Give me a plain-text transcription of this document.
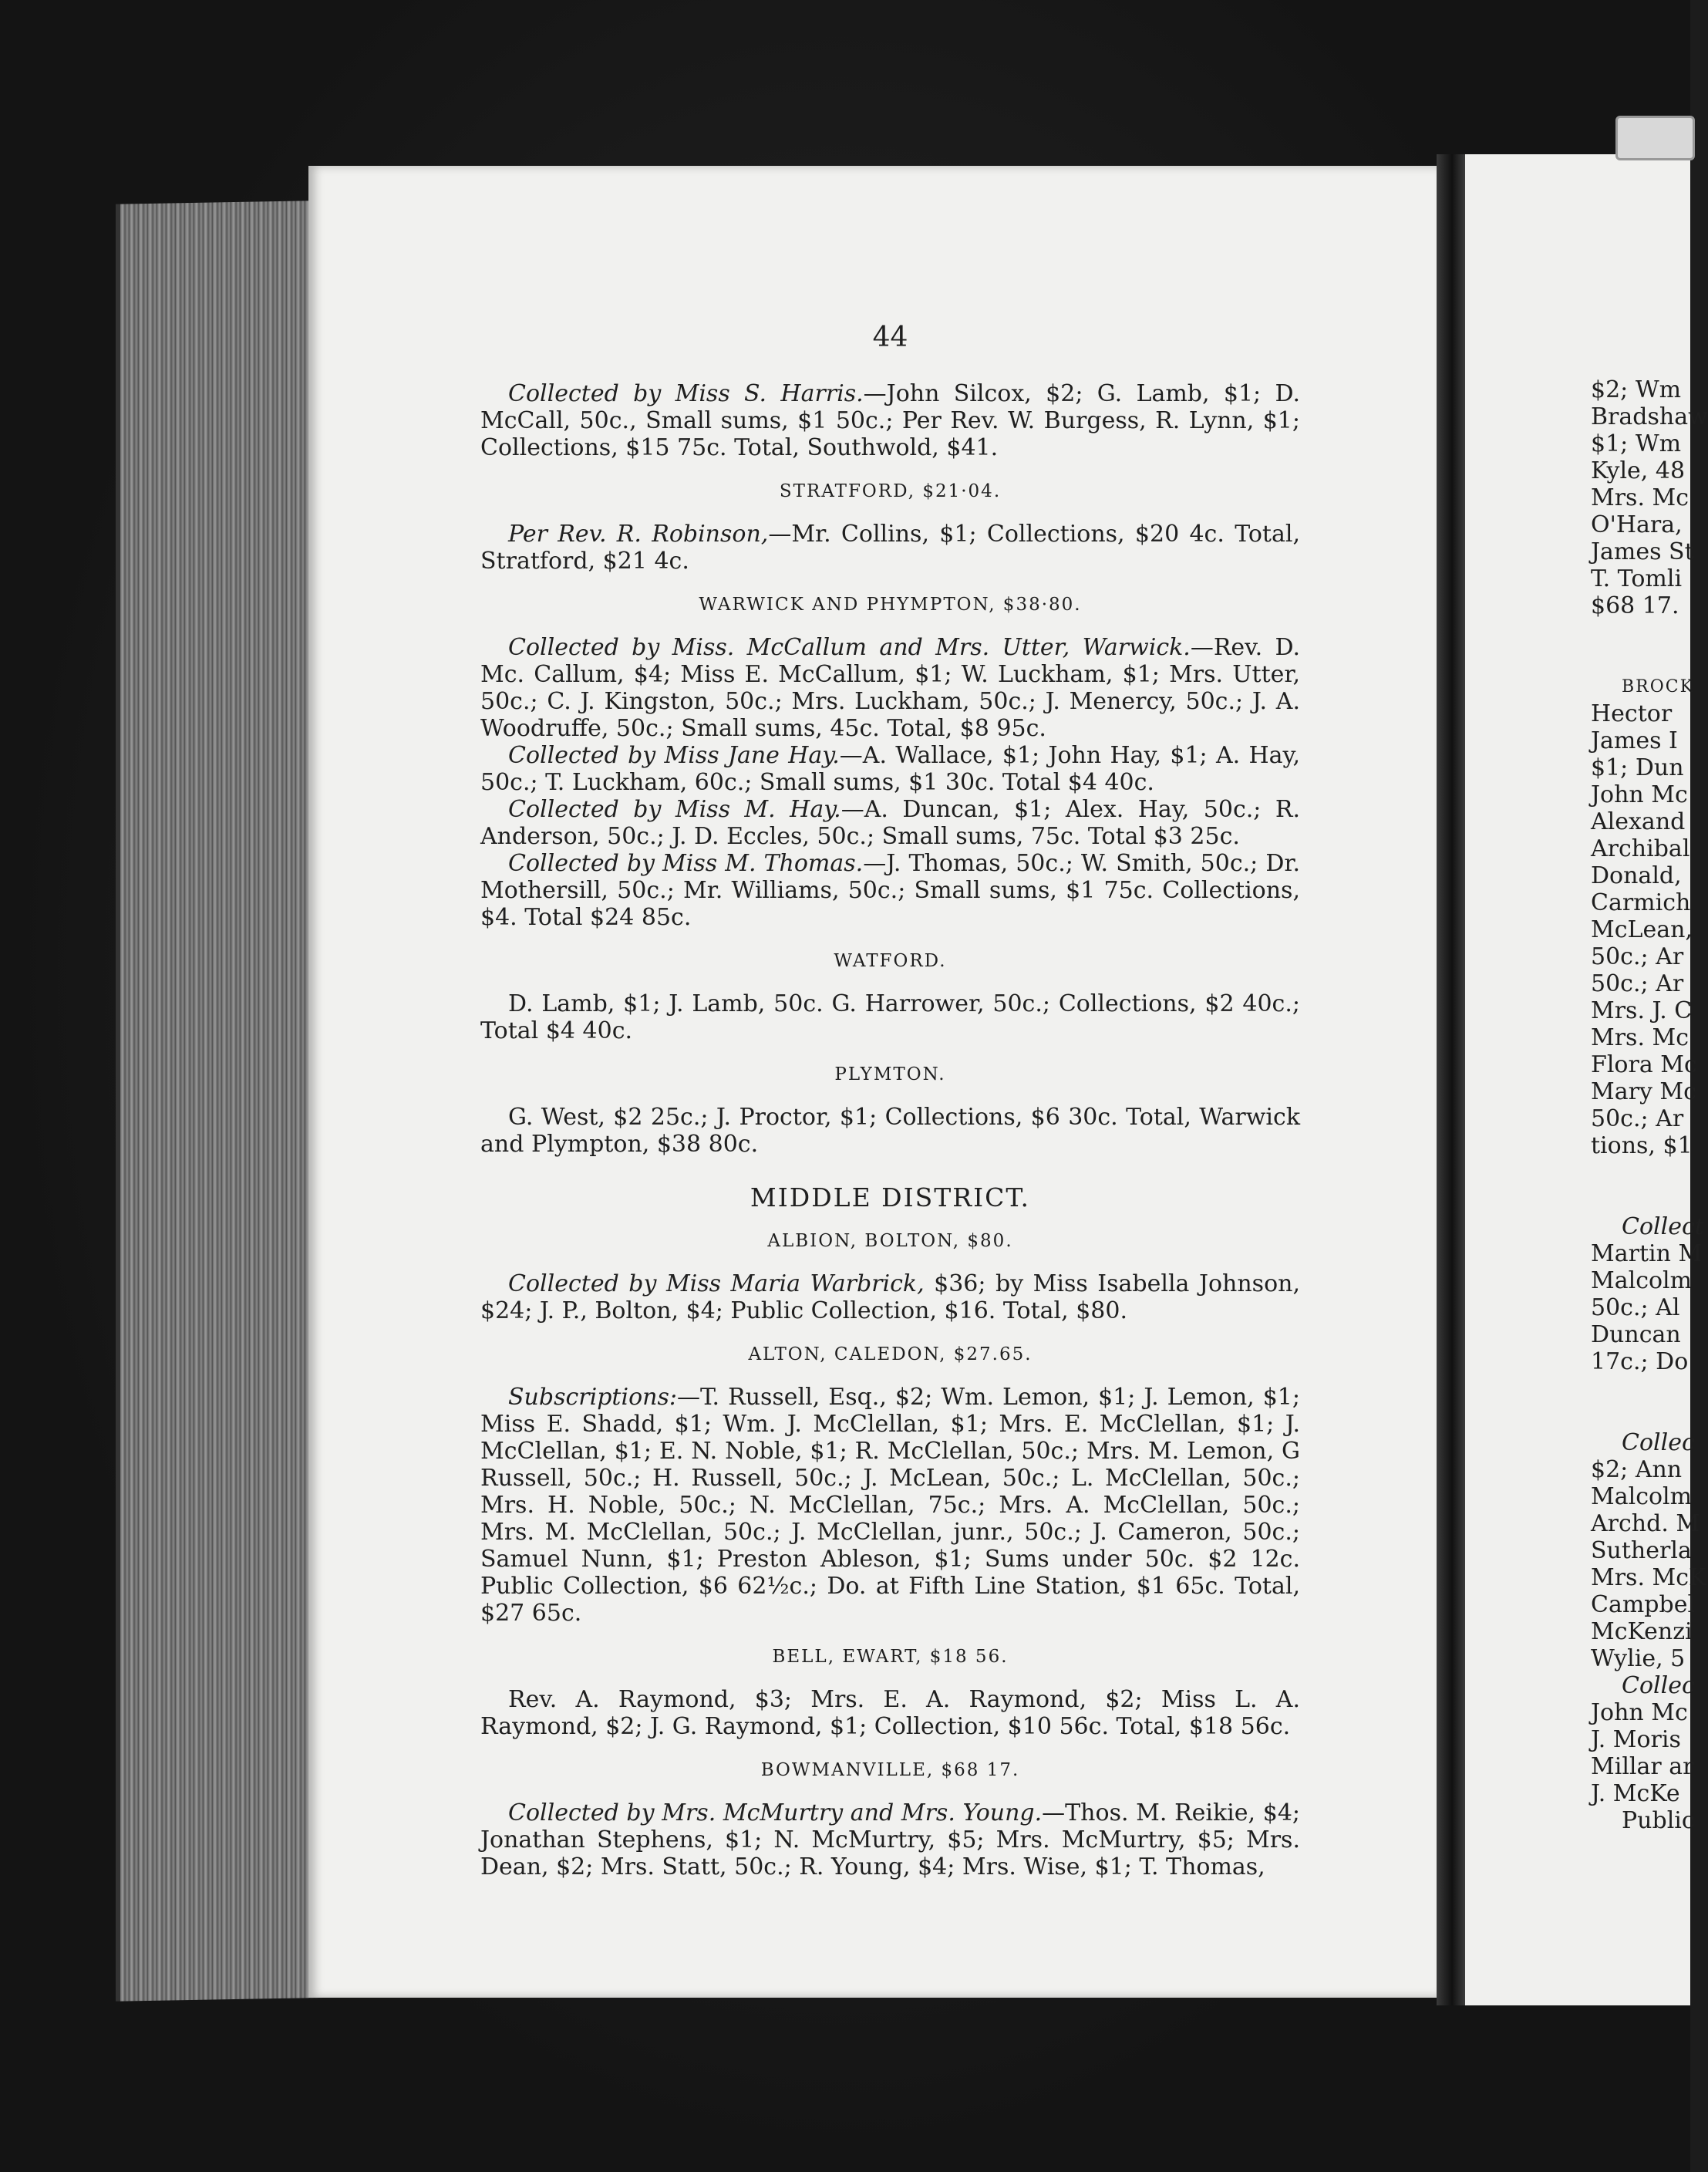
44

Collected by Miss S. Harris.—John Silcox, $2; G. Lamb, $1; D. McCall, 50c., Small sums, $1 50c.; Per Rev. W. Burgess, R. Lynn, $1; Collections, $15 75c. Total, Southwold, $41.

STRATFORD, $21·04.

Per Rev. R. Robinson,—Mr. Collins, $1; Collections, $20 4c. Total, Stratford, $21 4c.

WARWICK AND PHYMPTON, $38·80.

Collected by Miss. McCallum and Mrs. Utter, Warwick.—Rev. D. Mc. Callum, $4; Miss E. McCallum, $1; W. Luckham, $1; Mrs. Utter, 50c.; C. J. Kingston, 50c.; Mrs. Luckham, 50c.; J. Menercy, 50c.; J. A. Woodruffe, 50c.; Small sums, 45c. Total, $8 95c.

Collected by Miss Jane Hay.—A. Wallace, $1; John Hay, $1; A. Hay, 50c.; T. Luckham, 60c.; Small sums, $1 30c. Total $4 40c.

Collected by Miss M. Hay.—A. Duncan, $1; Alex. Hay, 50c.; R. Anderson, 50c.; J. D. Eccles, 50c.; Small sums, 75c. Total $3 25c.

Collected by Miss M. Thomas.—J. Thomas, 50c.; W. Smith, 50c.; Dr. Mothersill, 50c.; Mr. Williams, 50c.; Small sums, $1 75c. Collections, $4. Total $24 85c.

WATFORD.

D. Lamb, $1; J. Lamb, 50c. G. Harrower, 50c.; Collections, $2 40c.; Total $4 40c.

PLYMTON.

G. West, $2 25c.; J. Proctor, $1; Collections, $6 30c. Total, Warwick and Plympton, $38 80c.

MIDDLE DISTRICT.
ALBION, BOLTON, $80.

Collected by Miss Maria Warbrick, $36; by Miss Isabella Johnson, $24; J. P., Bolton, $4; Public Collection, $16. Total, $80.

ALTON, CALEDON, $27.65.

Subscriptions:—T. Russell, Esq., $2; Wm. Lemon, $1; J. Lemon, $1; Miss E. Shadd, $1; Wm. J. McClellan, $1; Mrs. E. McClellan, $1; J. McClellan, $1; E. N. Noble, $1; R. McClellan, 50c.; Mrs. M. Lemon, G Russell, 50c.; H. Russell, 50c.; J. McLean, 50c.; L. McClellan, 50c.; Mrs. H. Noble, 50c.; N. McClellan, 75c.; Mrs. A. McClellan, 50c.; Mrs. M. McClellan, 50c.; J. McClellan, junr., 50c.; J. Cameron, 50c.; Samuel Nunn, $1; Preston Ableson, $1; Sums under 50c. $2 12c. Public Collection, $6 62½c.; Do. at Fifth Line Station, $1 65c. Total, $27 65c.

BELL, EWART, $18 56.

Rev. A. Raymond, $3; Mrs. E. A. Raymond, $2; Miss L. A. Raymond, $2; J. G. Raymond, $1; Collection, $10 56c. Total, $18 56c.

BOWMANVILLE, $68 17.

Collected by Mrs. McMurtry and Mrs. Young.—Thos. M. Reikie, $4; Jonathan Stephens, $1; N. McMurtry, $5; Mrs. McMurtry, $5; Mrs. Dean, $2; Mrs. Statt, 50c.; R. Young, $4; Mrs. Wise, $1; T. Thomas,

$2; Wm
Bradshaw
$1; Wm
Kyle, 48
Mrs. Mc
O'Hara,
James St
T. Tomli
$68 17.
BROCK
Hector
James I
$1; Dun
John Mc
Alexand
Archibal
Donald,
Carmich
McLean,
50c.; Ar
50c.; Ar
Mrs. J. C
Mrs. Mc
Flora Mc
Mary Mc
50c.; Ar
tions, $1
Collect
Martin M
Malcolm
50c.; Al
Duncan
17c.; Do
Collec
$2; Ann
Malcolm
Archd. M
Sutherla
Mrs. McK
Campbel
McKenzi
Wylie, 5
Collec
John Mc
J. Moris
Millar ar
J. McKe
Public
